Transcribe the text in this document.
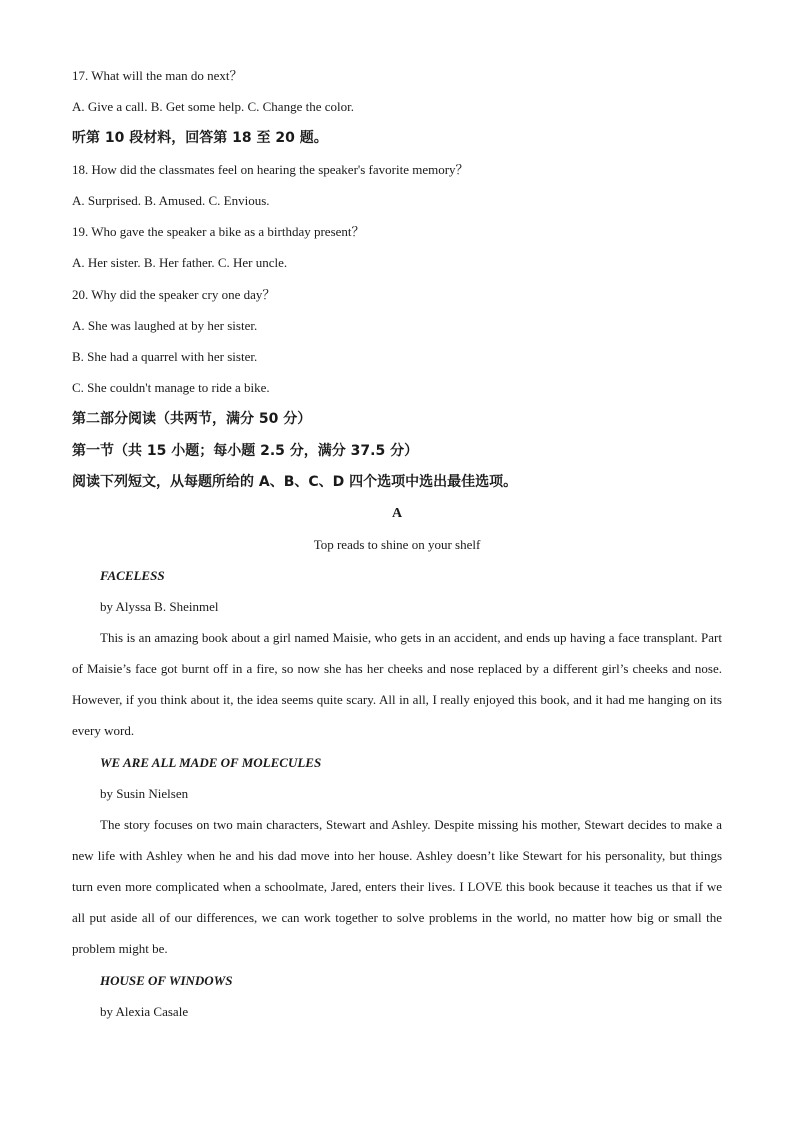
17. What will the man do next？
A. Give a call. B. Get some help. C. Change the color.
听第 10 段材料，回答第 18 至 20 题。
18. How did the classmates feel on hearing the speaker's favorite memory？
A. Surprised. B. Amused. C. Envious.
19. Who gave the speaker a bike as a birthday present？
A. Her sister. B. Her father. C. Her uncle.
20. Why did the speaker cry one day？
A. She was laughed at by her sister.
B. She had a quarrel with her sister.
C. She couldn't manage to ride a bike.
第二部分阅读（共两节，满分 50 分）
第一节（共 15 小题；每小题 2.5 分，满分 37.5 分）
阅读下列短文，从每题所给的 A、B、C、D 四个选项中选出最佳选项。
A
Top reads to shine on your shelf
FACELESS
by Alyssa B. Sheinmel
This is an amazing book about a girl named Maisie, who gets in an accident, and ends up having a face transplant. Part of Maisie’s face got burnt off in a fire, so now she has her cheeks and nose replaced by a different girl’s cheeks and nose. However, if you think about it, the idea seems quite scary. All in all, I really enjoyed this book, and it had me hanging on its every word.
WE ARE ALL MADE OF MOLECULES
by Susin Nielsen
The story focuses on two main characters, Stewart and Ashley. Despite missing his mother, Stewart decides to make a new life with Ashley when he and his dad move into her house. Ashley doesn’t like Stewart for his personality, but things turn even more complicated when a schoolmate, Jared, enters their lives. I LOVE this book because it teaches us that if we all put aside all of our differences, we can work together to solve problems in the world, no matter how big or small the problem might be.
HOUSE OF WINDOWS
by Alexia Casale
